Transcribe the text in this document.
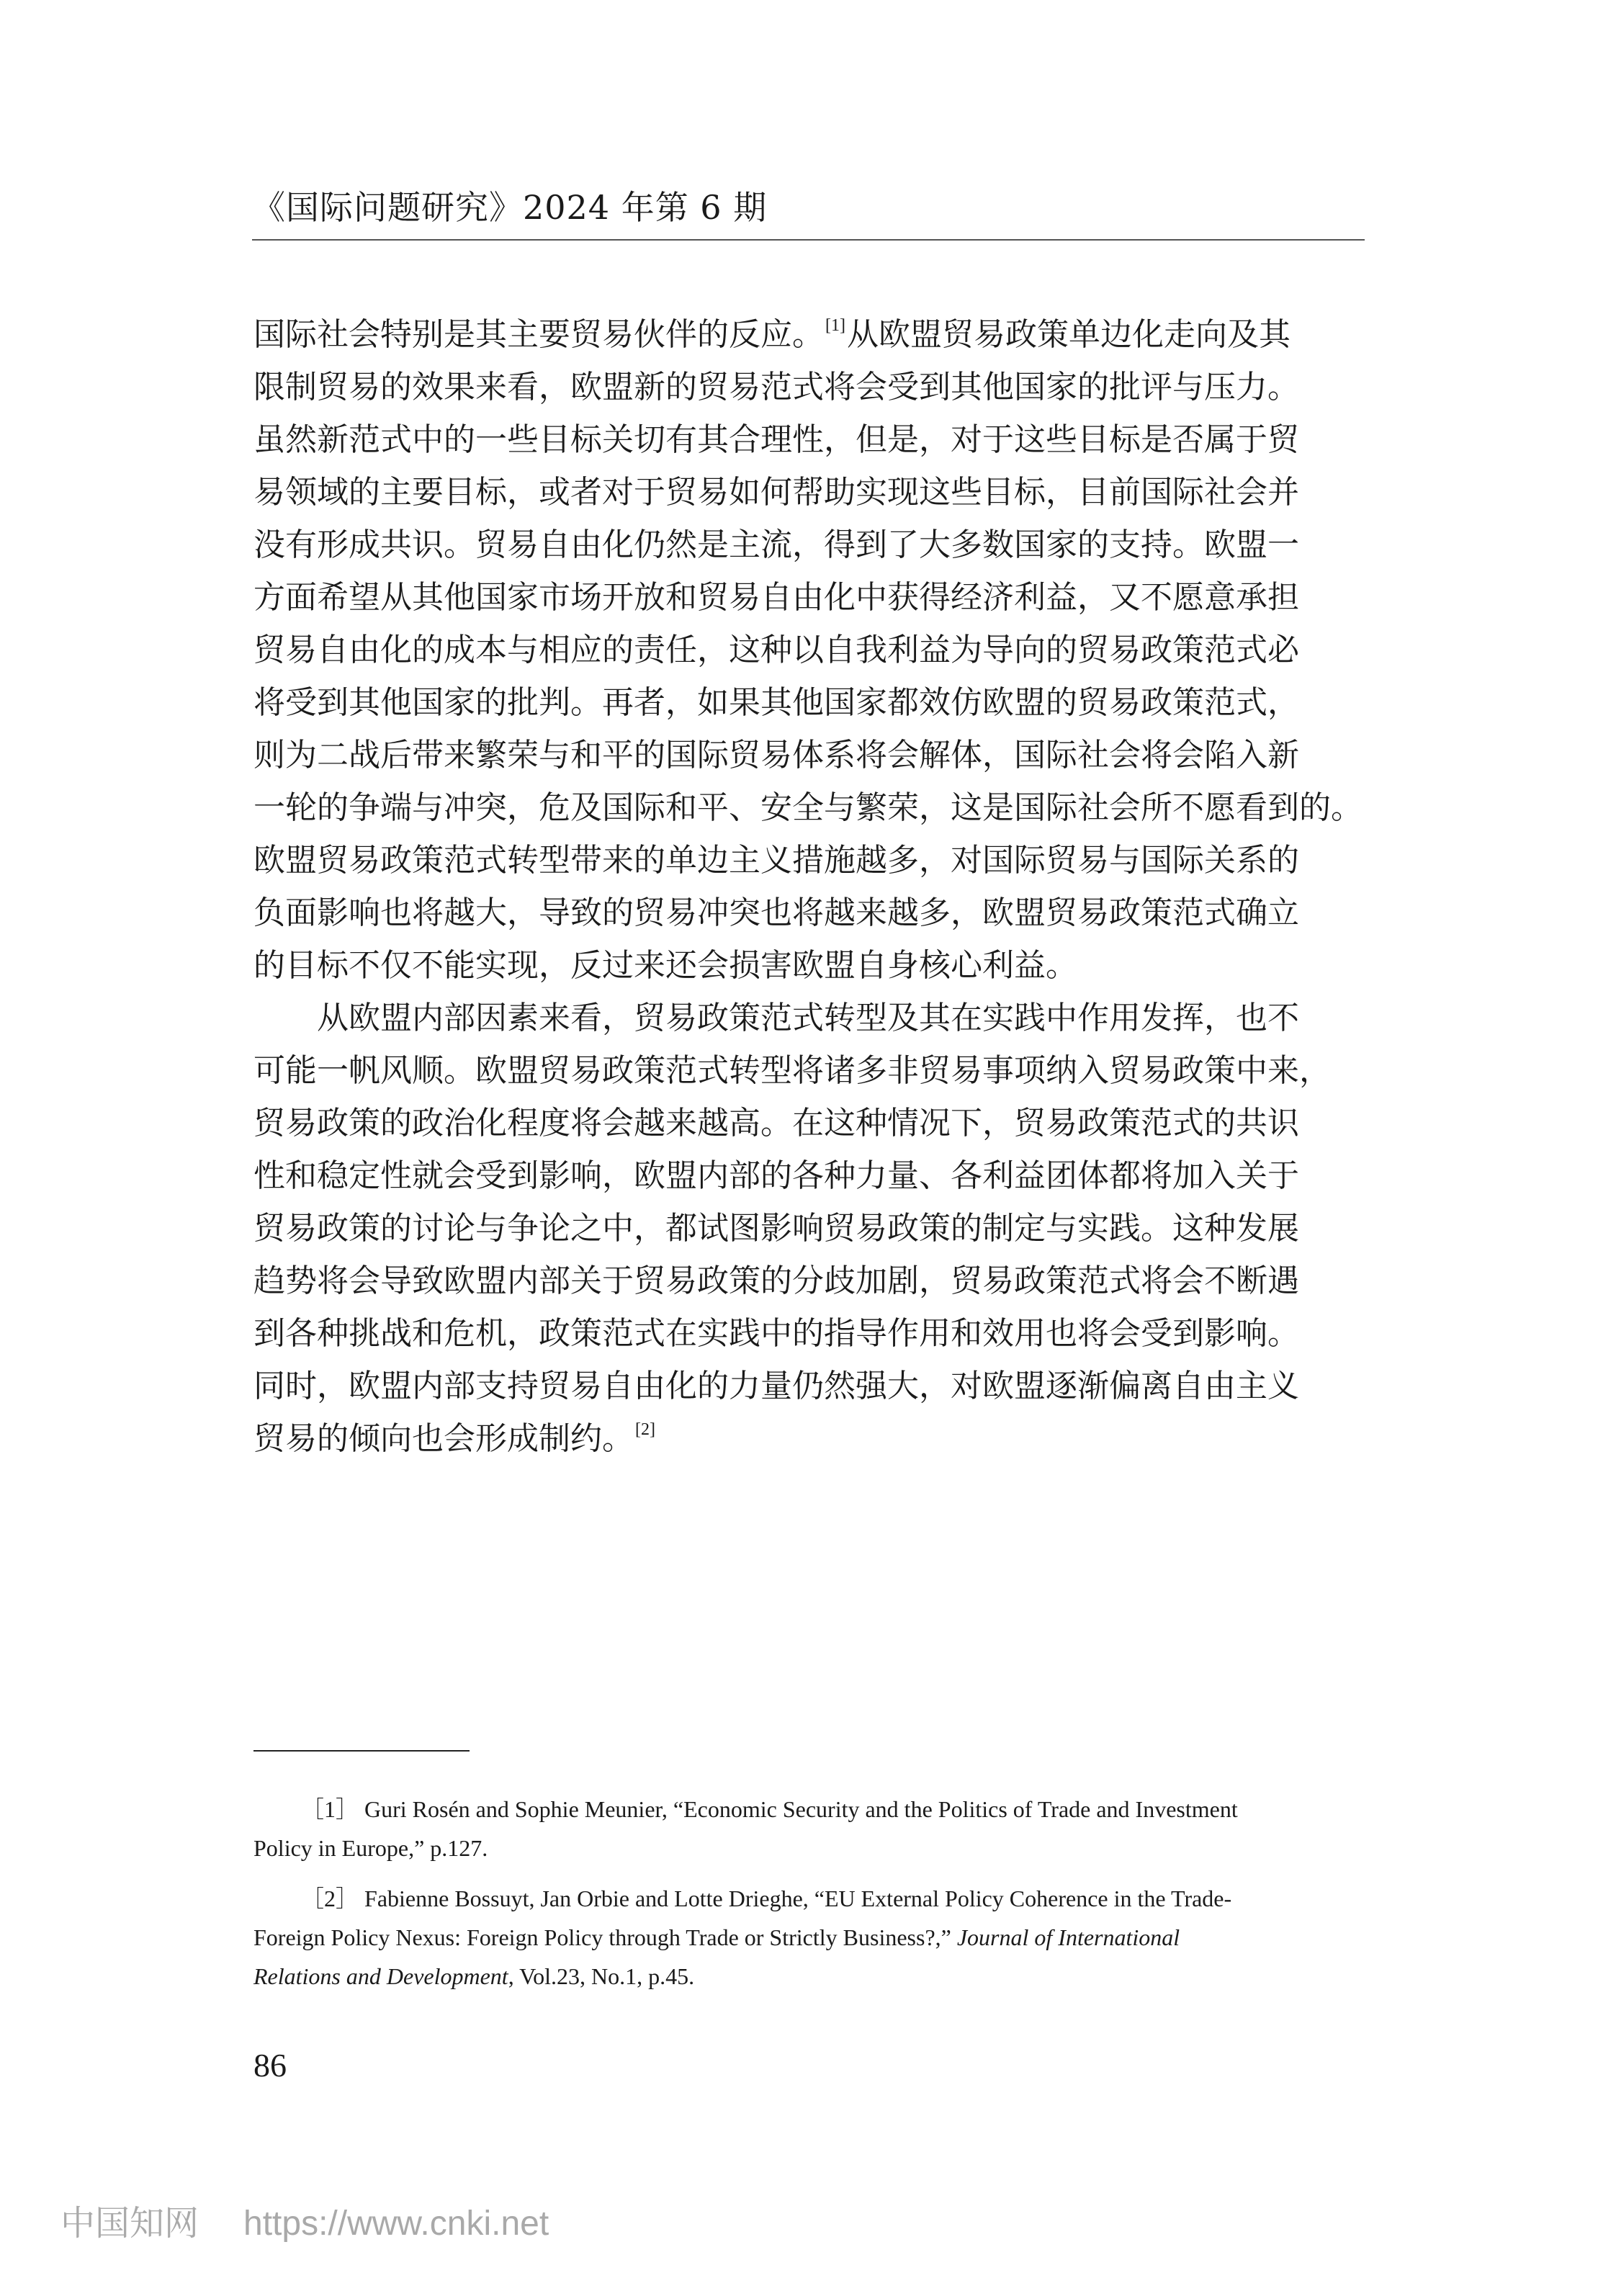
《国际问题研究》2024 年第 6 期
国际社会特别是其主要贸易伙伴的反应。[1]从欧盟贸易政策单边化走向及其
限制贸易的效果来看，欧盟新的贸易范式将会受到其他国家的批评与压力。
虽然新范式中的一些目标关切有其合理性，但是，对于这些目标是否属于贸
易领域的主要目标，或者对于贸易如何帮助实现这些目标，目前国际社会并
没有形成共识。贸易自由化仍然是主流，得到了大多数国家的支持。欧盟一
方面希望从其他国家市场开放和贸易自由化中获得经济利益，又不愿意承担
贸易自由化的成本与相应的责任，这种以自我利益为导向的贸易政策范式必
将受到其他国家的批判。再者，如果其他国家都效仿欧盟的贸易政策范式，
则为二战后带来繁荣与和平的国际贸易体系将会解体，国际社会将会陷入新
一轮的争端与冲突，危及国际和平、安全与繁荣，这是国际社会所不愿看到的。
欧盟贸易政策范式转型带来的单边主义措施越多，对国际贸易与国际关系的
负面影响也将越大，导致的贸易冲突也将越来越多，欧盟贸易政策范式确立
的目标不仅不能实现，反过来还会损害欧盟自身核心利益。
从欧盟内部因素来看，贸易政策范式转型及其在实践中作用发挥，也不
可能一帆风顺。欧盟贸易政策范式转型将诸多非贸易事项纳入贸易政策中来，
贸易政策的政治化程度将会越来越高。在这种情况下，贸易政策范式的共识
性和稳定性就会受到影响，欧盟内部的各种力量、各利益团体都将加入关于
贸易政策的讨论与争论之中，都试图影响贸易政策的制定与实践。这种发展
趋势将会导致欧盟内部关于贸易政策的分歧加剧，贸易政策范式将会不断遇
到各种挑战和危机，政策范式在实践中的指导作用和效用也将会受到影响。
同时，欧盟内部支持贸易自由化的力量仍然强大，对欧盟逐渐偏离自由主义
贸易的倾向也会形成制约。[2]
［1］ Guri Rosén and Sophie Meunier, “Economic Security and the Politics of Trade and Investment
Policy in Europe,” p.127.
［2］ Fabienne Bossuyt, Jan Orbie and Lotte Drieghe, “EU External Policy Coherence in the Trade-
Foreign Policy Nexus: Foreign Policy through Trade or Strictly Business?,” Journal of International
Relations and Development, Vol.23, No.1, p.45.
86
中国知网 https://www.cnki.net
